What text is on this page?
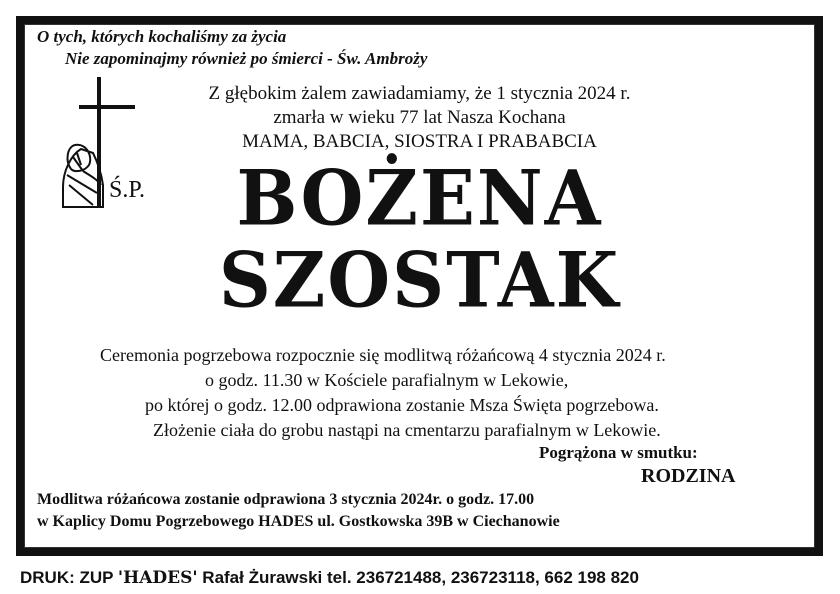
O tych, których kochaliśmy za życia
Nie zapominajmy również po śmierci - Św. Ambroży
Z głębokim żalem zawiadamiamy, że 1 stycznia 2024 r.
zmarła w wieku 77 lat Nasza Kochana
MAMA, BABCIA, SIOSTRA I PRABABCIA
Ś.P.	BOŻENA
SZOSTAK
Ceremonia pogrzebowa rozpocznie się modlitwą różańcową 4 stycznia 2024 r.
o godz. 11.30 w Kościele parafialnym w Lekowie,
po której o godz. 12.00 odprawiona zostanie Msza Święta pogrzebowa.
Złożenie ciała do grobu nastąpi na cmentarzu parafialnym w Lekowie.
Pogrążona w smutku:
RODZINA
Modlitwa różańcowa zostanie odprawiona 3 stycznia 2024r. o godz. 17.00
w Kaplicy Domu Pogrzebowego HADES ul. Gostkowska 39B w Ciechanowie
DRUK: ZUP 'HADES' Rafał Żurawski tel. 236721488, 236723118, 662 198 820
